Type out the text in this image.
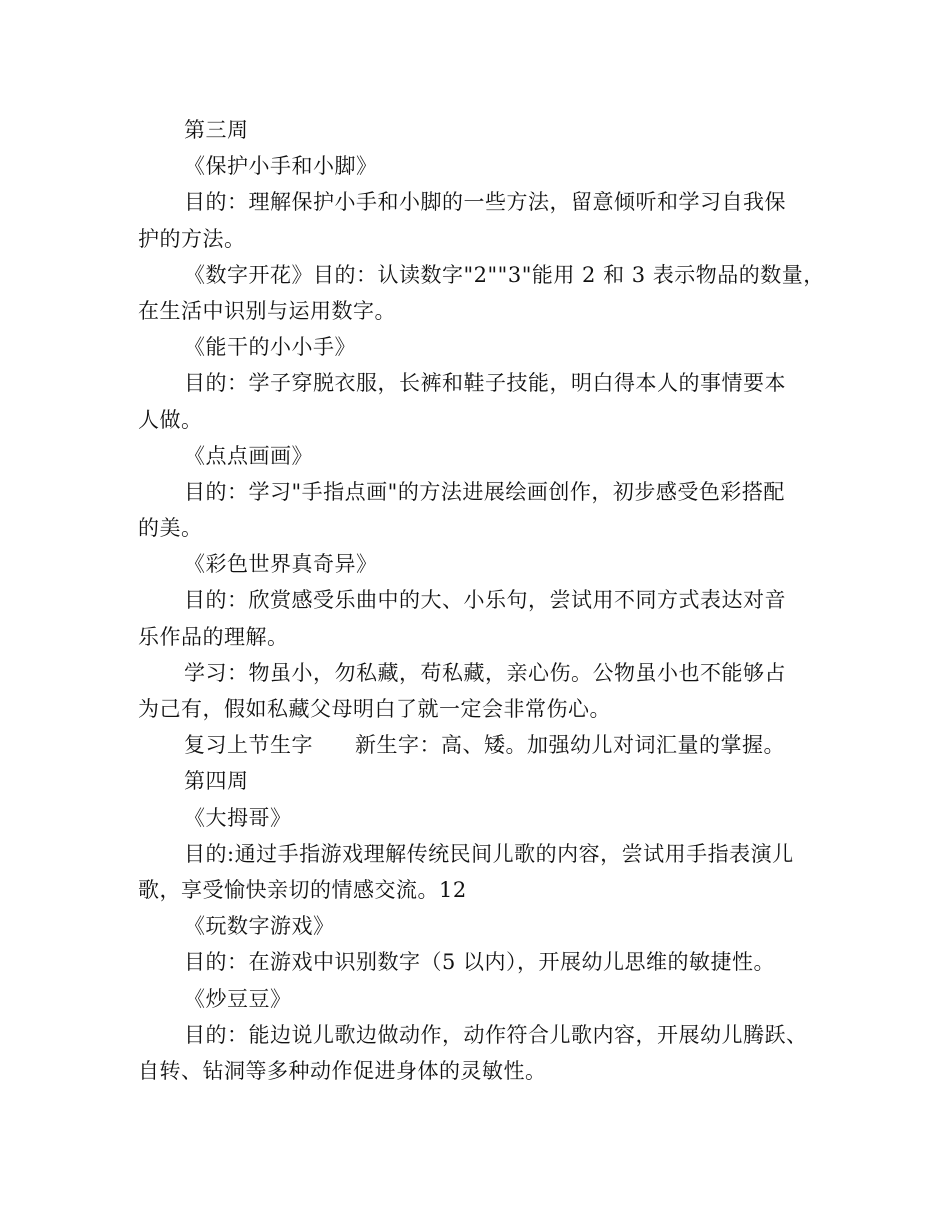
第三周
《保护小手和小脚》
目的：理解保护小手和小脚的一些方法，留意倾听和学习自我保
护的方法。
《数字开花》目的：认读数字"2""3"能用 2 和 3 表示物品的数量，
在生活中识别与运用数字。
《能干的小小手》
目的：学子穿脱衣服，长裤和鞋子技能，明白得本人的事情要本
人做。
《点点画画》
目的：学习"手指点画"的方法进展绘画创作，初步感受色彩搭配
的美。
《彩色世界真奇异》
目的：欣赏感受乐曲中的大、小乐句，尝试用不同方式表达对音
乐作品的理解。
学习：物虽小，勿私藏，苟私藏，亲心伤。公物虽小也不能够占
为己有，假如私藏父母明白了就一定会非常伤心。
复习上节生字 新生字：高、矮。加强幼儿对词汇量的掌握。
第四周
《大拇哥》
目的:通过手指游戏理解传统民间儿歌的内容，尝试用手指表演儿
歌，享受愉快亲切的情感交流。12
《玩数字游戏》
目的：在游戏中识别数字（5 以内），开展幼儿思维的敏捷性。
《炒豆豆》
目的：能边说儿歌边做动作，动作符合儿歌内容，开展幼儿腾跃、
自转、钻洞等多种动作促进身体的灵敏性。
